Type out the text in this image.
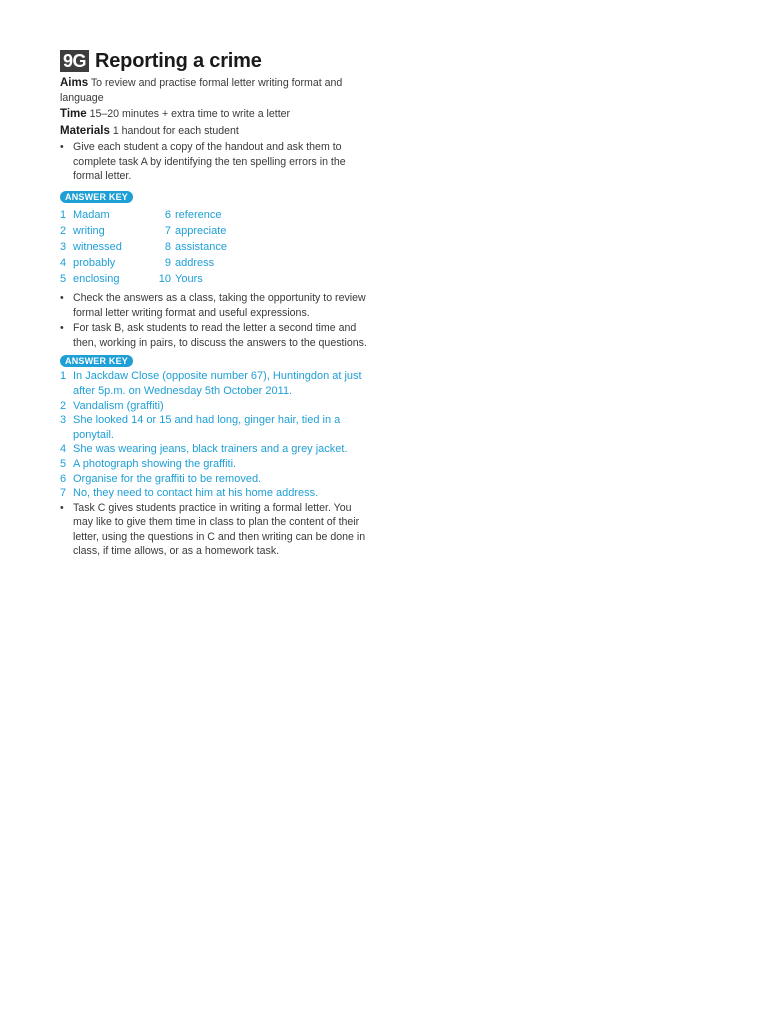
9G Reporting a crime
Aims To review and practise formal letter writing format and language
Time 15–20 minutes + extra time to write a letter
Materials 1 handout for each student
• Give each student a copy of the handout and ask them to complete task A by identifying the ten spelling errors in the formal letter.
ANSWER KEY
1 Madam
2 writing
3 witnessed
4 probably
5 enclosing
6 reference
7 appreciate
8 assistance
9 address
10 Yours
• Check the answers as a class, taking the opportunity to review formal letter writing format and useful expressions.
• For task B, ask students to read the letter a second time and then, working in pairs, to discuss the answers to the questions.
ANSWER KEY
1 In Jackdaw Close (opposite number 67), Huntingdon at just after 5p.m. on Wednesday 5th October 2011.
2 Vandalism (graffiti)
3 She looked 14 or 15 and had long, ginger hair, tied in a ponytail.
4 She was wearing jeans, black trainers and a grey jacket.
5 A photograph showing the graffiti.
6 Organise for the graffiti to be removed.
7 No, they need to contact him at his home address.
• Task C gives students practice in writing a formal letter. You may like to give them time in class to plan the content of their letter, using the questions in C and then writing can be done in class, if time allows, or as a homework task.
